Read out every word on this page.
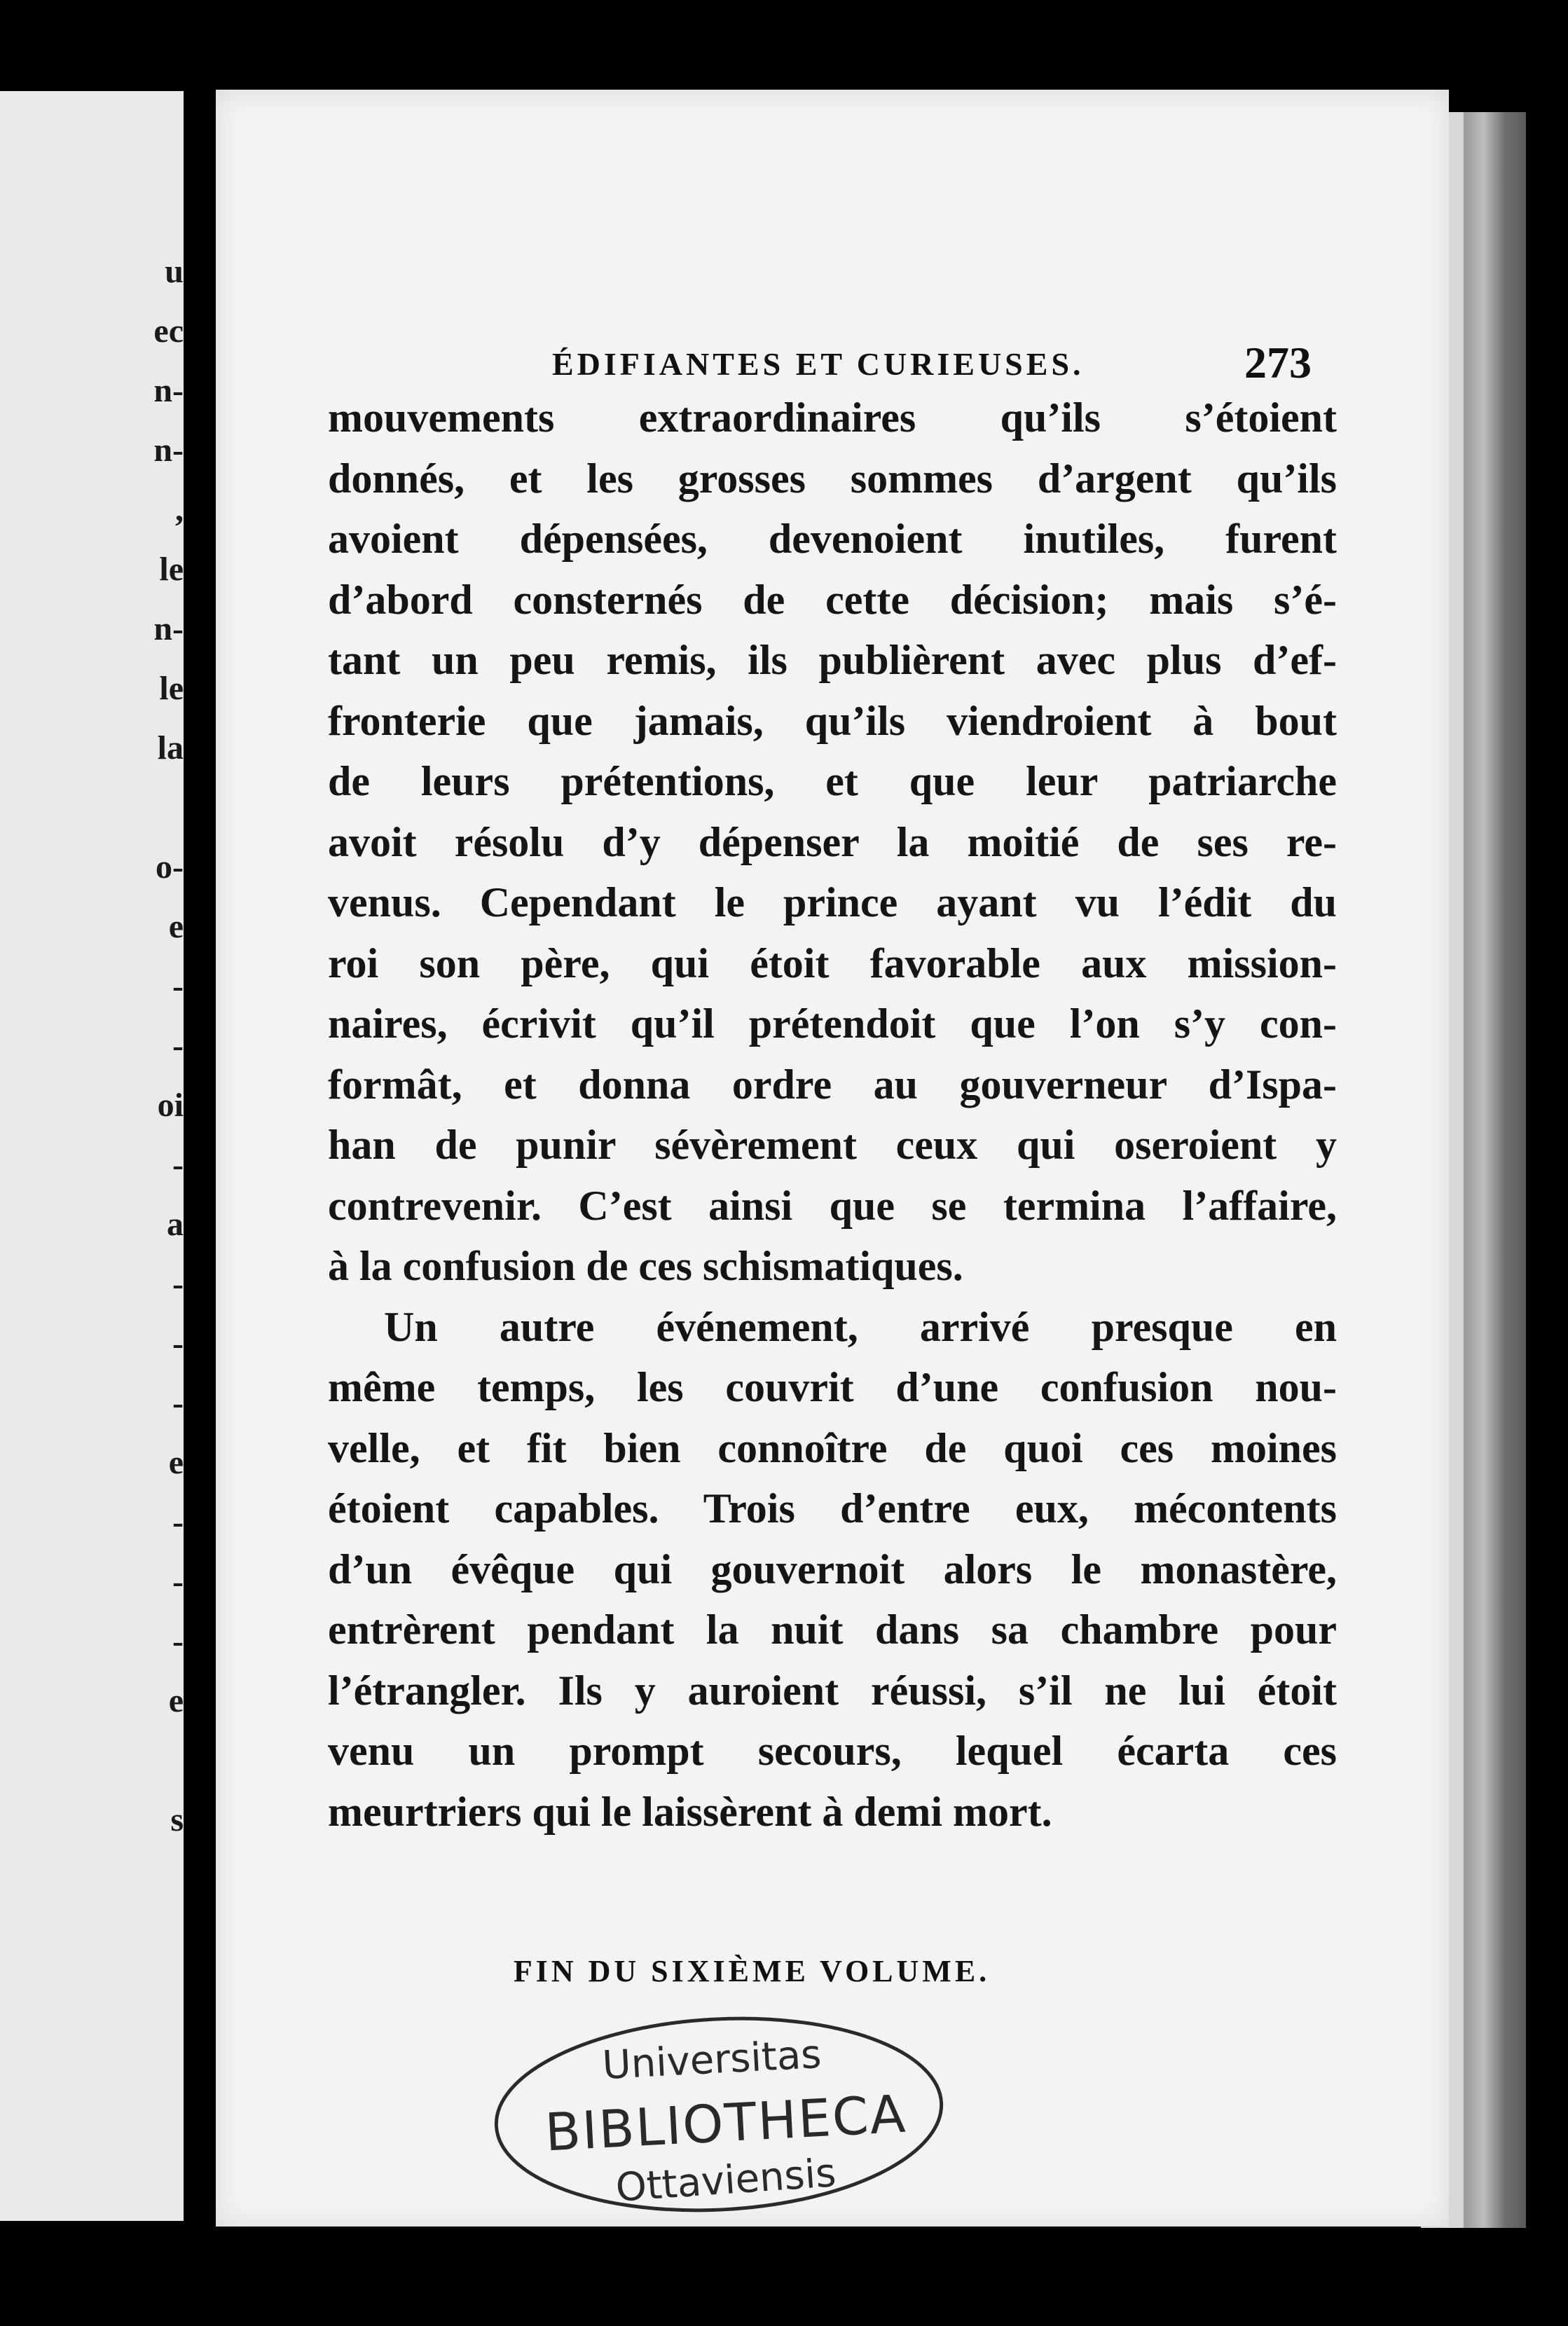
u
ec
n-
n-
,
le
n-
le
la
o-
e
-
-
oi
-
a
-
-
-
e
-
-
-
e
s
ÉDIFIANTES ET CURIEUSES.	273
mouvements extraordinaires qu’ils s’étoient
donnés, et les grosses sommes d’argent qu’ils
avoient dépensées, devenoient inutiles, furent
d’abord consternés de cette décision; mais s’é-
tant un peu remis, ils publièrent avec plus d’ef-
fronterie que jamais, qu’ils viendroient à bout
de leurs prétentions, et que leur patriarche
avoit résolu d’y dépenser la moitié de ses re-
venus. Cependant le prince ayant vu l’édit du
roi son père, qui étoit favorable aux mission-
naires, écrivit qu’il prétendoit que l’on s’y con-
formât, et donna ordre au gouverneur d’Ispa-
han de punir sévèrement ceux qui oseroient y
contrevenir. C’est ainsi que se termina l’affaire,
à la confusion de ces schismatiques.
Un autre événement, arrivé presque en
même temps, les couvrit d’une confusion nou-
velle, et fit bien connoître de quoi ces moines
étoient capables. Trois d’entre eux, mécontents
d’un évêque qui gouvernoit alors le monastère,
entrèrent pendant la nuit dans sa chambre pour
l’étrangler. Ils y auroient réussi, s’il ne lui étoit
venu un prompt secours, lequel écarta ces
meurtriers qui le laissèrent à demi mort.
FIN DU SIXIÈME VOLUME.
Universitas
BIBLIOTHECA
Ottaviensis
